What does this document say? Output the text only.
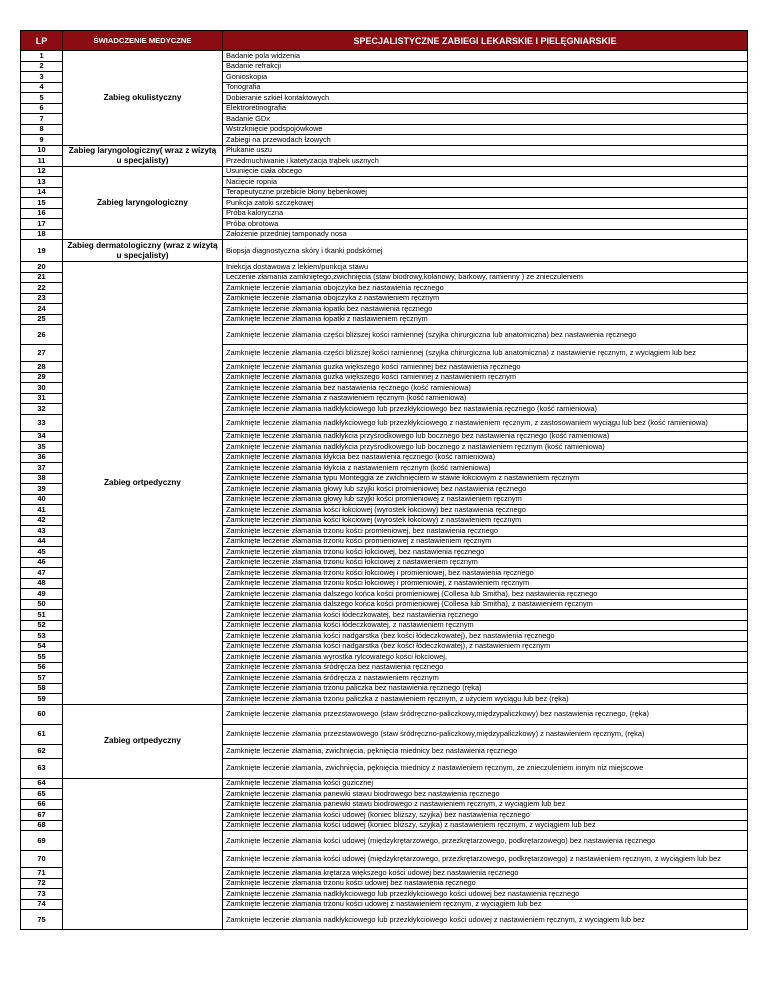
LP	ŚWIADCZENIE MEDYCZNE	SPECJALISTYCZNE ZABIEGI LEKARSKIE I PIELĘGNIARSKIE
1	Zabieg okulistyczny	Badanie pola widzenia
2		Badanie refrakcji
3		Gonioskopia
4		Tonografia
5		Dobieranie szkieł kontaktowych
6		Elektroretinografia
7		Badanie GDx
8		Wstrzknięcie podspojówkowe
9		Zabiegi na przewodach łzowych
10	Zabieg laryngologiczny( wraz z wizytą u specjalisty)	Płukanie uszu
11		Przedmuchiwanie i katetyzacja trąbek usznych
12	Zabieg laryngologiczny	Usunięcie ciała obcego
13		Nacięcie ropnia
14		Terapeutyczne przebicie błony bębenkowej
15		Punkcja zatoki szczękowej
16		Próba kaloryczna
17		Próba obrotowa
18		Założenie przedniej tamponady nosa
19	Zabieg dermatologiczny (wraz z wizytą u specjalisty)	Biopsja diagnostyczna skóry i tkanki podskórnej
20	Zabieg ortpedyczny	Iniekcja dostawowa z lekiem/punkcja stawu
21		Leczenie złamania zamkniętego,zwichnięcia (staw biodrowy,kolanowy, barkowy, ramienny ) ze znieczuleniem
22		Zamknięte leczenie złamania obojczyka bez nastawienia ręcznego
23		Zamknięte leczenie złamania obojczyka z nastawieniem ręcznym
24		Zamknięte leczenie złamania łopatki bez nastawienia ręcznego
25		Zamknięte leczenie złamania łopatki z nastawieniem ręcznym
26		Zamknięte leczenie złamania części bliższej kości ramiennej (szyjka chirurgiczna lub anatomiczna) bez nastawienia ręcznego
27		Zamknięte leczenie złamania części bliższej kości ramiennej (szyjka chirurgiczna lub anatomiczna) z nastawienie ręcznym, z wyciągiem lub bez
28		Zamknięte leczenie złamania guzka większego kości ramiennej bez nastawienia ręcznego
29		Zamknięte leczenie złamania guzka większego kości ramiennej z nastawieniem ręcznym
30		Zamknięte leczenie złamania bez nastawienia ręcznego (kość ramieniowa)
31		Zamknięte leczenie złamania z nastawieniem ręcznym (kość ramieniowa)
32		Zamknięte leczenie złamania nadkłykciowego lub przezkłykciowego bez nastawienia ręcznego (kość ramieniowa)
33		Zamknięte leczenie złamania nadkłykciowego lub przezkłykciowego z nastawieniem ręcznym, z zastosowaniem wyciągu lub bez (kość ramieniowa)
34		Zamknięte leczenie złamania nadkłykcia przyśrodkowego lub bocznego bez nastawienia ręcznego (kość ramieniowa)
35		Zamknięte leczenie złamania nadkłykcia przyśrodkowego lub bocznego z nastawieniem ręcznym (kość ramieniowa)
36		Zamknięte leczenie złamania kłykcia bez nastawienia ręcznego (kość ramieniowa)
37		Zamknięte leczenie złamania kłykcia z nastawieniem ręcznym (kość ramieniowa)
38		Zamknięte leczenie złamania typu Monteggia ze zwichnięciem w stawie łokciowym z nastawieniem ręcznym
39		Zamknięte leczenie złamania głowy lub szyjki kości promieniowej bez nastawienia ręcznego
40		Zamknięte leczenie złamania głowy lub szyjki kości promieniowej z nastawieniem ręcznym
41		Zamknięte leczenie złamania kości łokciowej (wyrostek łokciowy) bez nastawienia ręcznego
42		Zamknięte leczenie złamania kości łokciowej (wyrostek łokciowy) z nastawieniem ręcznym
43		Zamknięte leczenie złamania trzonu kości promieniowej, bez nastawienia ręcznego
44		Zamknięte leczenie złamania trzonu kości promieniowej z nastawieniem ręcznym
45		Zamknięte leczenie złamania trzonu kości łokciowej, bez nastawienia ręcznego
46		Zamknięte leczenie złamania trzonu kości łokciowej z nastawieniem ręcznym
47		Zamknięte leczenie złamania trzonu kości łokciowej i promieniowej, bez nastawienia ręcznego
48		Zamknięte leczenie złamania trzonu kości łokciowej i promieniowej, z nastawieniem ręcznym
49		Zamknięte leczenie złamania dalszego końca kości promieniowej (Collesa lub Smitha), bez nastawienia ręcznego
50		Zamknięte leczenie złamania dalszego końca kości promieniowej (Collesa lub Smitha), z nastawieniem ręcznym
51		Zamknięte leczenie złamania kości łódeczkowatej, bez nastawienia ręcznego
52		Zamknięte leczenie złamania kości łódeczkowatej, z nastawieniem ręcznym
53		Zamknięte leczenie złamania kości nadgarstka (bez kości łódeczkowatej), bez nastawienia ręcznego
54		Zamknięte leczenie złamania kości nadgarstka (bez kości łódeczkowatej), z nastawieniem ręcznym
55		Zamknięte leczenie złamania wyrostka rylcowatego kości łokciowej,
56		Zamknięte leczenie złamania śródręcza bez nastawienia ręcznego
57		Zamknięte leczenie złamania śródręcza z nastawieniem ręcznym
58		Zamknięte leczenie złamania trzonu paliczka bez nastawienia ręcznego (ręka)
59		Zamknięte leczenie złamania trzonu paliczka z nastawieniem ręcznym, z użyciem wyciągu lub bez (ręka)
60	Zabieg ortpedyczny	Zamknięte leczenie złamania przezstawowego (staw śródręczno-paliczkowy,międzypaliczkowy) bez nastawienia ręcznego, (ręka)
61		Zamknięte leczenie złamania przezstawowego (staw śródręczno-paliczkowy,międzypaliczkowy) z nastawieniem ręcznym, (ręka)
62		Zamknięte leczenie złamania, zwichnięcia, pęknięcia miednicy bez nastawienia ręcznego
63		Zamknięte leczenie złamania, zwichnięcia, pęknięcia miednicy z nastawieniem ręcznym, ze znieczuleniem innym niż miejscowe
64		Zamknięte leczenie złamania kości guzicznej
65		Zamknięte leczenie złamania panewki stawu biodrowego bez nastawienia ręcznego
66		Zamknięte leczenie złamania panewki stawu biodrowego z nastawieniem ręcznym, z wyciągiem lub bez
67		Zamknięte leczenie złamania kości udowej (koniec bliższy, szyjka) bez nastawienia ręcznego
68		Zamknięte leczenie złamania kości udowej (koniec bliższy, szyjka) z nastawieniem ręcznym, z wyciągiem lub bez
69		Zamknięte leczenie złamania kości udowej (międzykrętarzowego, przezkrętarzowego, podkrętarzowego) bez nastawienia ręcznego
70		Zamknięte leczenie złamania kości udowej (międzykrętarzowego, przezkrętarzowego, podkrętarzowego) z nastawieniem ręcznym, z wyciągiem lub bez
71		Zamknięte leczenie złamania krętarza większego kości udowej bez nastawienia ręcznego
72		Zamknięte leczenie złamania trzonu kości udowej bez nastawienia ręcznego
73		Zamknięte leczenie złamania nadkłykciowego lub przezkłykciowego kości udowej bez nastawienia ręcznego
74		Zamknięte leczenie złamania trzonu kości udowej z nastawieniem ręcznym, z wyciągiem lub bez
75		Zamknięte leczenie złamania nadkłykciowego lub przezkłykciowego kości udowej z nastawieniem ręcznym, z wyciągiem lub bez
